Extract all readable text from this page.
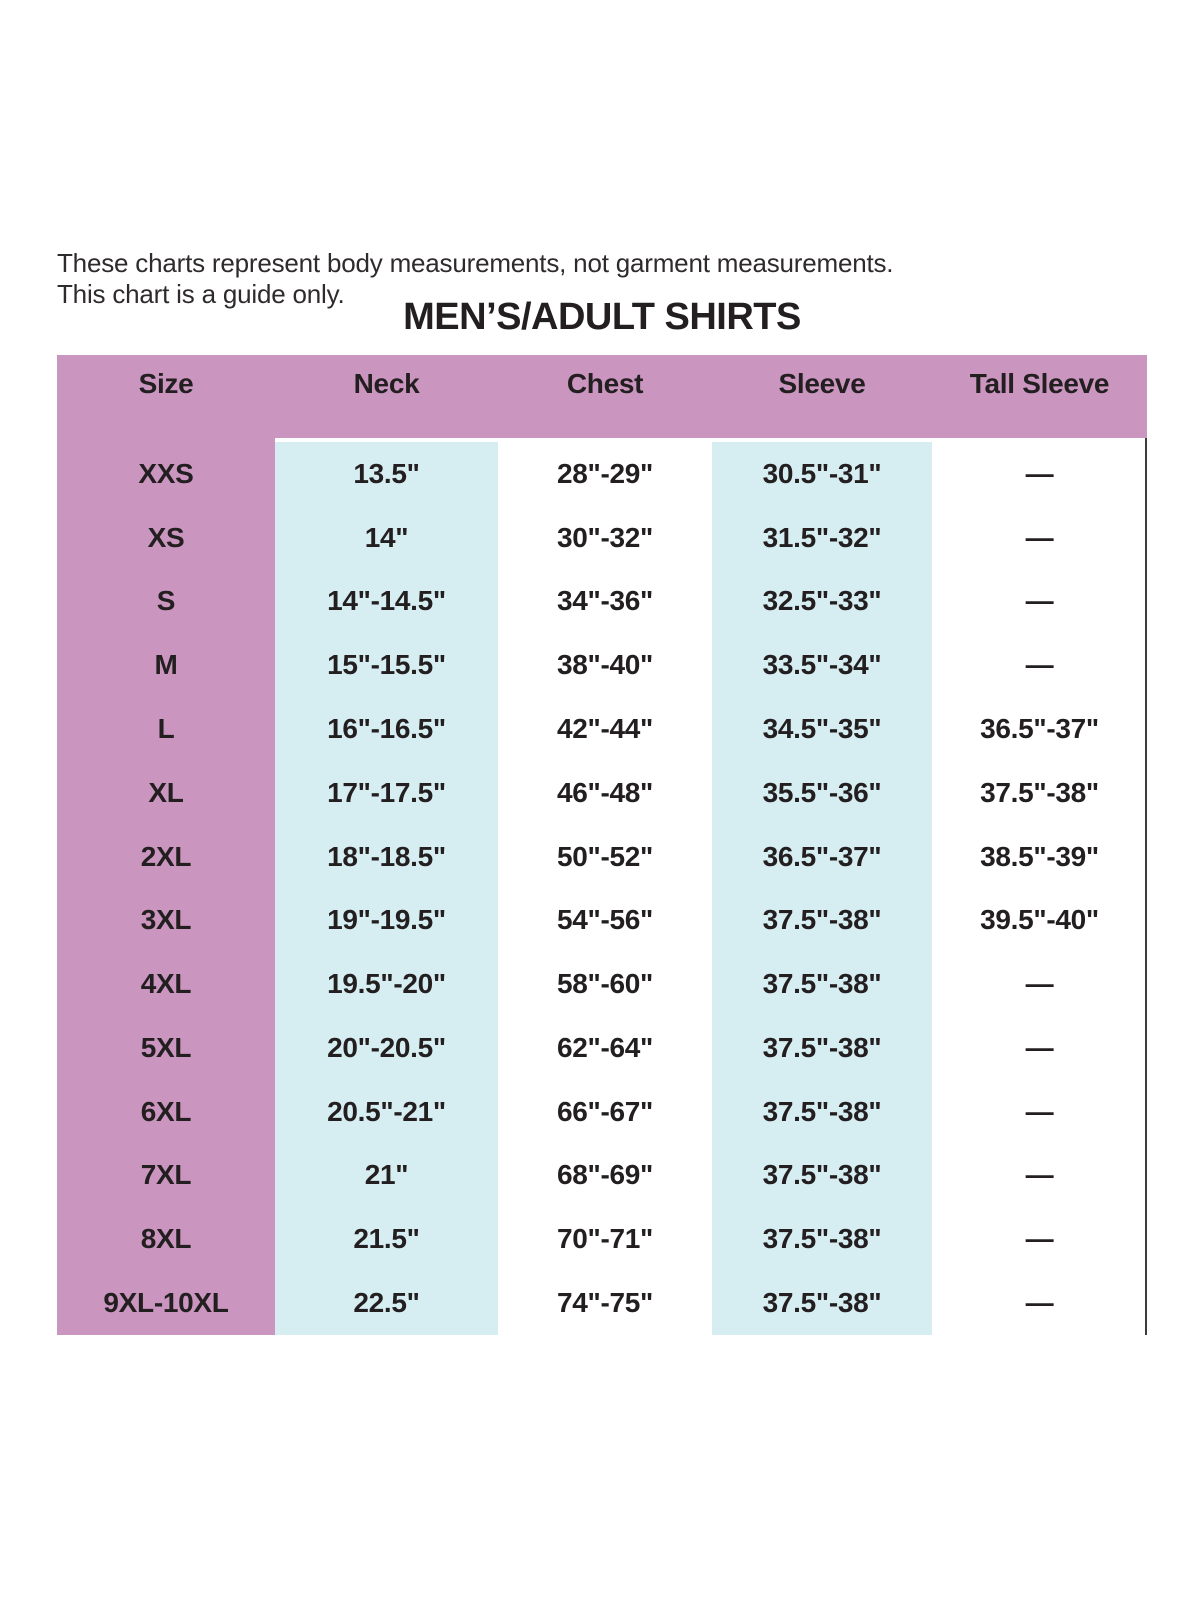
These charts represent body measurements, not garment measurements.
This chart is a guide only.
MEN’S/ADULT SHIRTS
Size	Neck	Chest	Sleeve	Tall Sleeve
XXS	13.5"	28"-29"	30.5"-31"	—
XS	14"	30"-32"	31.5"-32"	—
S	14"-14.5"	34"-36"	32.5"-33"	—
M	15"-15.5"	38"-40"	33.5"-34"	—
L	16"-16.5"	42"-44"	34.5"-35"	36.5"-37"
XL	17"-17.5"	46"-48"	35.5"-36"	37.5"-38"
2XL	18"-18.5"	50"-52"	36.5"-37"	38.5"-39"
3XL	19"-19.5"	54"-56"	37.5"-38"	39.5"-40"
4XL	19.5"-20"	58"-60"	37.5"-38"	—
5XL	20"-20.5"	62"-64"	37.5"-38"	—
6XL	20.5"-21"	66"-67"	37.5"-38"	—
7XL	21"	68"-69"	37.5"-38"	—
8XL	21.5"	70"-71"	37.5"-38"	—
9XL-10XL	22.5"	74"-75"	37.5"-38"	—
